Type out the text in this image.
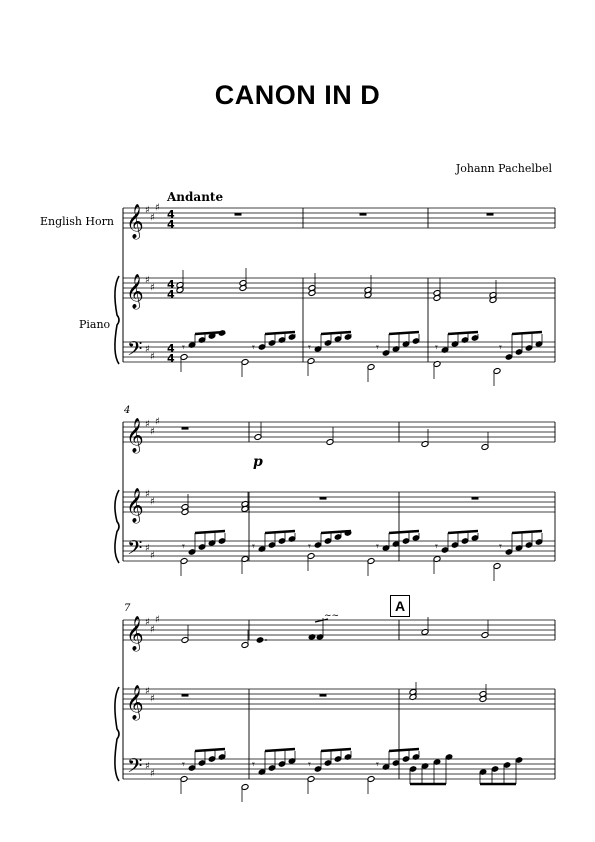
CANON IN D
Johann Pachelbel
Andante
English Horn
Piano
4
7	A
p
𝄞
𝄞
𝄢
♯
♯
♯
♯
♯
♯
♯
4
4
4
4
4
4
𝄞
𝄞
𝄢
♯
♯
♯
♯
♯
♯
♯
𝄞
𝄞
𝄢
♯
♯
♯
♯
♯
♯
♯
𝄾	𝄾	𝄾	𝄾	𝄾	𝄾
𝄾	𝄾	𝄾	𝄾	𝄾	𝄾
~~
𝄾	𝄾	𝄾	𝄾
